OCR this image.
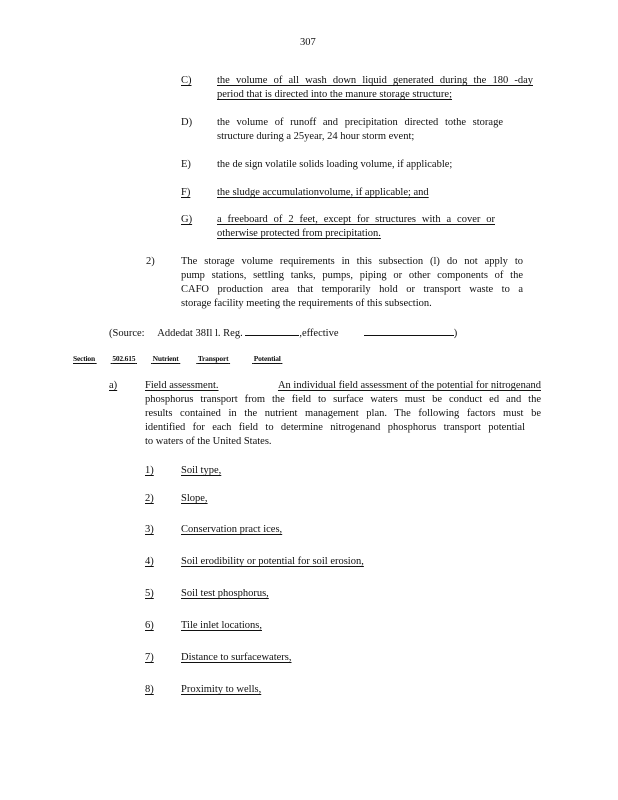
307
C) the volume of all wash down liquid generated during the 180 -day
period that is directed into the manure storage structure;
D) the volume of runoff and precipitation directed tothe storage
structure during a 25year, 24 hour storm event;
E) the de sign volatile solids loading volume, if applicable;
F)	the sludge accumulationvolume, if applicable; and
G) a freeboard of 2 feet, except for structures with a cover or
otherwise protected from precipitation.
2)	The storage volume requirements in this subsection (l) do not apply to
pump stations, settling tanks, pumps, piping or other components of the
CAFO production area that temporarily hold or transport waste to a
storage facility meeting the requirements of this subsection.
(Source: Addedat 38Il l. Reg.	,effective	)
Section 502.615 Nutrient	Transport	Potential
a)	Field assessment.	An individual field assessment of the potential for nitrogenand
phosphorus transport from the field to surface waters must be conduct ed and the
results contained in the nutrient management plan. The following factors must be
identified for each field to determine nitrogenand phosphorus transport potential
to waters of the United States.
1)	Soil type,
2)	Slope,
3)	Conservation pract ices,
4)	Soil erodibility or potential for soil erosion,
5)	Soil test phosphorus,
6)	Tile inlet locations,
7)	Distance to surfacewaters,
8)	Proximity to wells,
